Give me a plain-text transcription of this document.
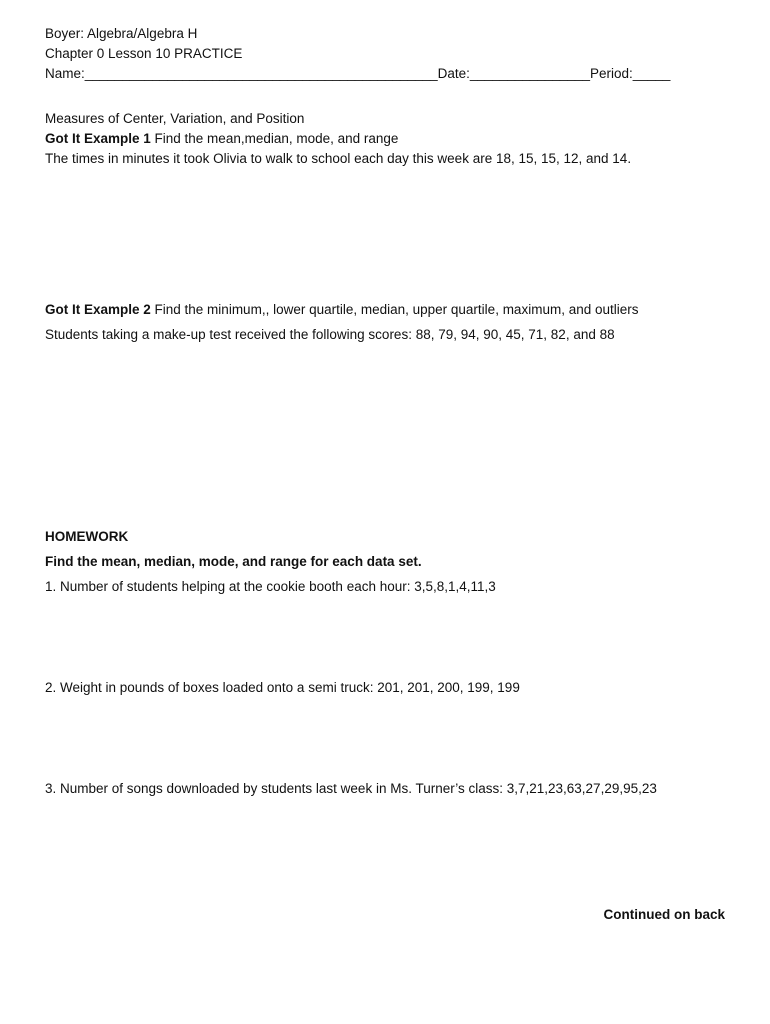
Boyer: Algebra/Algebra H
Chapter 0 Lesson 10 PRACTICE
Name:_______________________________________________Date:________________Period:_____
Measures of Center, Variation, and Position
Got It Example 1 Find the mean,median, mode, and range
The times in minutes it took Olivia to walk to school each day this week are 18, 15, 15, 12, and 14.
Got It Example 2 Find the minimum,, lower quartile, median, upper quartile, maximum, and outliers
Students taking a make-up test received the following scores: 88, 79, 94, 90, 45, 71, 82, and 88
HOMEWORK
Find the mean, median, mode, and range for each data set.
1. Number of students helping at the cookie booth each hour: 3,5,8,1,4,11,3
2. Weight in pounds of boxes loaded onto a semi truck: 201, 201, 200, 199, 199
3. Number of songs downloaded by students last week in Ms. Turner’s class: 3,7,21,23,63,27,29,95,23
Continued on back
